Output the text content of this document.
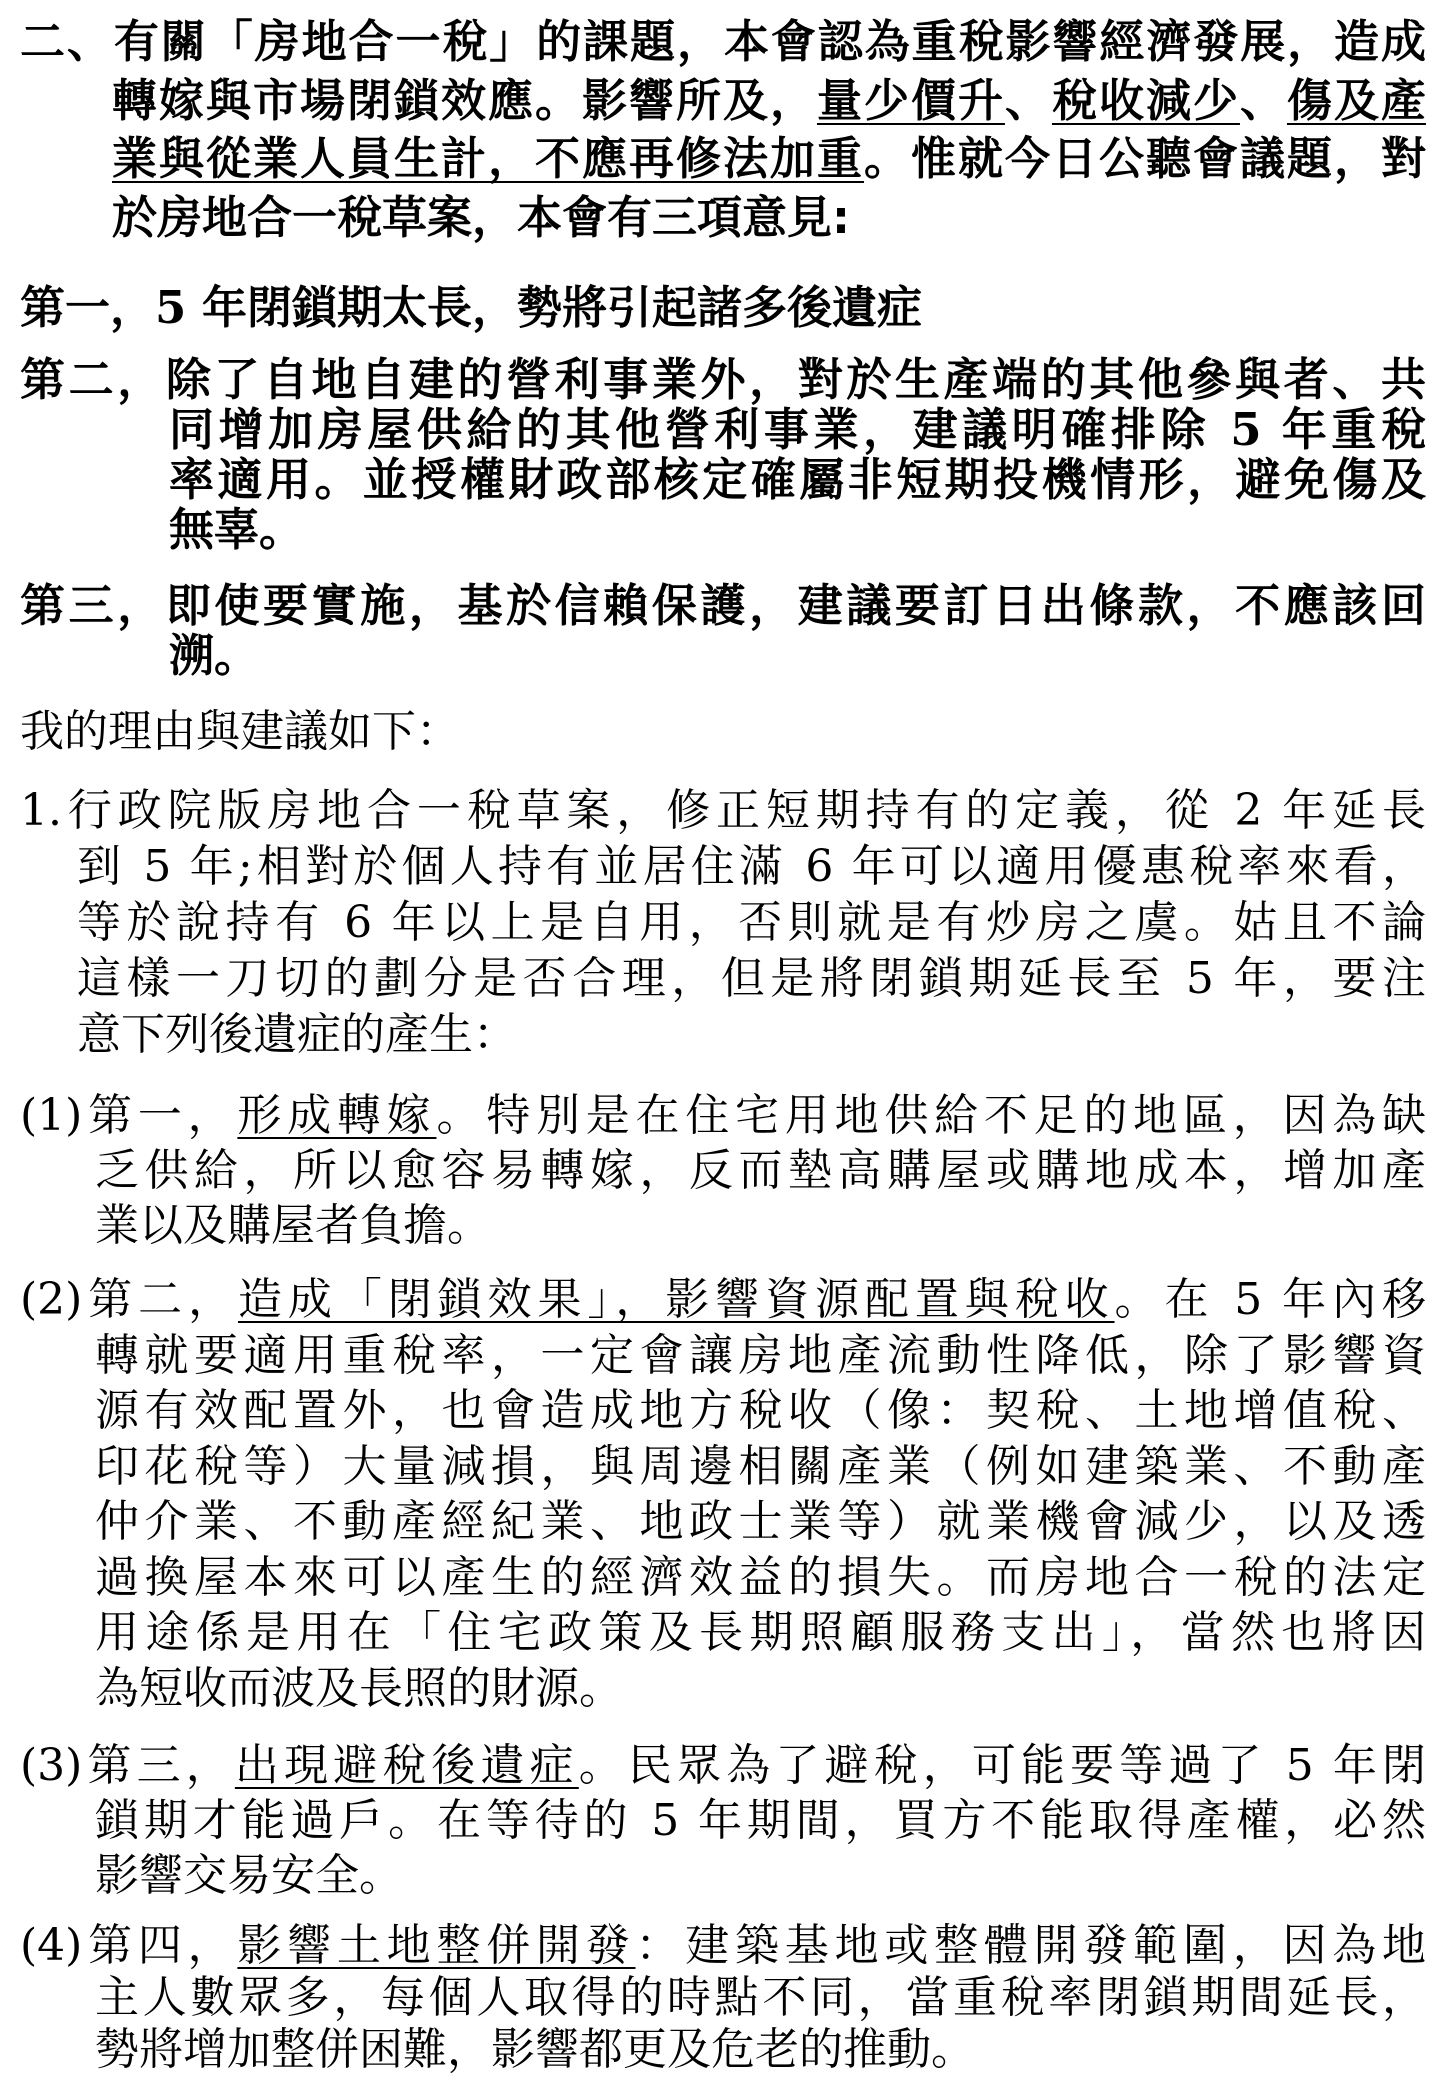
二、有關「房地合一稅」的課題，本會認為重稅影響經濟發展，造成
轉嫁與市場閉鎖效應。影響所及，量少價升、稅收減少、傷及產
業與從業人員生計，不應再修法加重。惟就今日公聽會議題，對
於房地合一稅草案，本會有三項意見:
第一，5 年閉鎖期太長，勢將引起諸多後遺症
第二，除了自地自建的營利事業外，對於生產端的其他參與者、共
同增加房屋供給的其他營利事業，建議明確排除 5 年重稅
率適用。並授權財政部核定確屬非短期投機情形，避免傷及
無辜。
第三，即使要實施，基於信賴保護，建議要訂日出條款，不應該回
溯。
我的理由與建議如下：
1.行政院版房地合一稅草案，修正短期持有的定義，從 2 年延長
到 5 年;相對於個人持有並居住滿 6 年可以適用優惠稅率來看，
等於說持有 6 年以上是自用，否則就是有炒房之虞。姑且不論
這樣一刀切的劃分是否合理，但是將閉鎖期延長至 5 年，要注
意下列後遺症的產生：
(1)第一，形成轉嫁。特別是在住宅用地供給不足的地區，因為缺
乏供給，所以愈容易轉嫁，反而墊高購屋或購地成本，增加產
業以及購屋者負擔。
(2)第二，造成「閉鎖效果」，影響資源配置與稅收。在 5 年內移
轉就要適用重稅率，一定會讓房地產流動性降低，除了影響資
源有效配置外，也會造成地方稅收（像：契稅、土地增值稅、
印花稅等）大量減損，與周邊相關產業（例如建築業、不動產
仲介業、不動產經紀業、地政士業等）就業機會減少，以及透
過換屋本來可以產生的經濟效益的損失。而房地合一稅的法定
用途係是用在「住宅政策及長期照顧服務支出」，當然也將因
為短收而波及長照的財源。
(3)第三，出現避稅後遺症。民眾為了避稅，可能要等過了 5 年閉
鎖期才能過戶。在等待的 5 年期間，買方不能取得產權，必然
影響交易安全。
(4)第四，影響土地整併開發：建築基地或整體開發範圍，因為地
主人數眾多，每個人取得的時點不同，當重稅率閉鎖期間延長，
勢將增加整併困難，影響都更及危老的推動。
